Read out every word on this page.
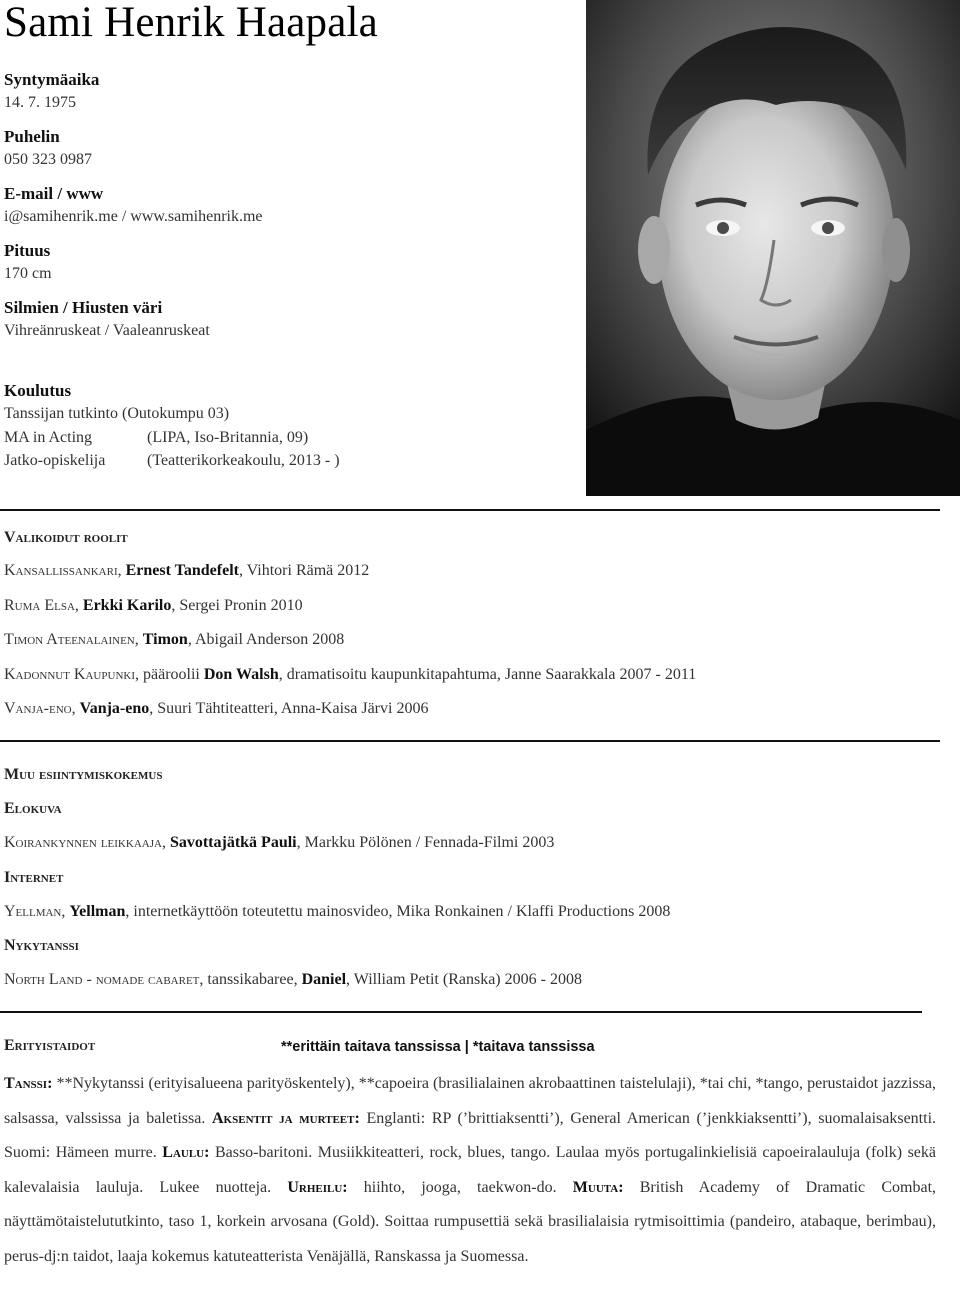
Sami Henrik Haapala
Syntymäaika
14. 7. 1975
Puhelin
050 323 0987
E-mail / www
i@samihenrik.me / www.samihenrik.me
Pituus
170 cm
Silmien / Hiusten väri
Vihreänruskeat / Vaaleanruskeat
Koulutus
Tanssijan tutkinto (Outokumpu 03)
MA in Acting	(LIPA, Iso-Britannia, 09)
Jatko-opiskelija	(Teatterikorkeakoulu, 2013 - )
Valikoidut roolit
Kansallissankari, Ernest Tandefelt, Vihtori Rämä 2012
Ruma Elsa, Erkki Karilo, Sergei Pronin 2010
Timon Ateenalainen, Timon, Abigail Anderson 2008
Kadonnut Kaupunki, pääroolii Don Walsh, dramatisoitu kaupunkitapahtuma, Janne Saarakkala 2007 - 2011
Vanja-eno, Vanja-eno, Suuri Tähtiteatteri, Anna-Kaisa Järvi 2006
Muu esiintymiskokemus
Elokuva
Koirankynnen leikkaaja, Savottajätkä Pauli, Markku Pölönen / Fennada-Filmi 2003
Internet
Yellman, Yellman, internetkäyttöön toteutettu mainosvideo, Mika Ronkainen / Klaffi Productions 2008
Nykytanssi
North Land - nomade cabaret, tanssikabaree, Daniel, William Petit (Ranska) 2006 - 2008
Erityistaidot	**erittäin taitava tanssissa | *taitava tanssissa
Tanssi: **Nykytanssi (erityisalueena parityöskentely), **capoeira (brasilialainen akrobaattinen taistelulaji), *tai chi, *tango, perustaidot jazzissa, salsassa, valssissa ja baletissa. Aksentit ja murteet: Englanti: RP (’brittiaksentti’), General American (’jenkkiaksentti’), suomalaisaksentti. Suomi: Hämeen murre. Laulu: Basso-baritoni. Musiikkiteatteri, rock, blues, tango. Laulaa myös portugalinkielisiä capoeiralauluja (folk) sekä kalevalaisia lauluja. Lukee nuotteja. Urheilu: hiihto, jooga, taekwon-do. Muuta: British Academy of Dramatic Combat, näyttämötaistelututkinto, taso 1, korkein arvosana (Gold). Soittaa rumpusettiä sekä brasilialaisia rytmisoittimia (pandeiro, atabaque, berimbau), perus-dj:n taidot, laaja kokemus katuteatterista Venäjällä, Ranskassa ja Suomessa.
